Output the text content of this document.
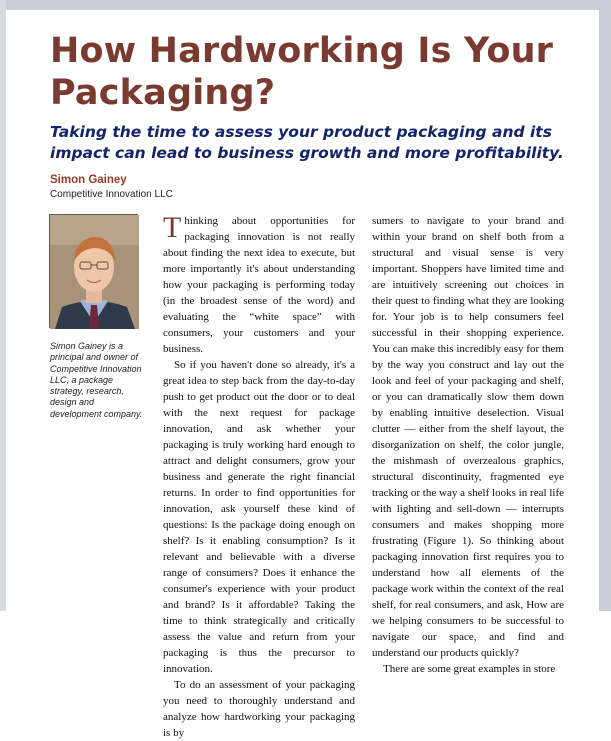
How Hardworking Is Your Packaging?
Taking the time to assess your product packaging and its impact can lead to business growth and more profitability.
Simon Gainey
Competitive Innovation LLC
Simon Gainey is a principal and owner of Competitive Innovation LLC, a package strategy, research, design and development company.

Thinking about opportunities for packaging innovation is not really about finding the next idea to execute, but more importantly it's about understanding how your packaging is performing today (in the broadest sense of the word) and evaluating the “white space” with consumers, your customers and your business.

So if you haven't done so already, it's a great idea to step back from the day-to-day push to get product out the door or to deal with the next request for package innovation, and ask whether your packaging is truly working hard enough to attract and delight consumers, grow your business and generate the right financial returns. In order to find opportunities for innovation, ask yourself these kind of questions: Is the package doing enough on shelf? Is it enabling consumption? Is it relevant and believable with a diverse range of consumers? Does it enhance the consumer's experience with your product and brand? Is it affordable? Taking the time to think strategically and critically assess the value and return from your packaging is thus the precursor to innovation.

To do an assessment of your packaging you need to thoroughly understand and analyze how hardworking your packaging is by

sumers to navigate to your brand and within your brand on shelf both from a structural and visual sense is very important. Shoppers have limited time and are intuitively screening out choices in their quest to finding what they are looking for. Your job is to help consumers feel successful in their shopping experience. You can make this incredibly easy for them by the way you construct and lay out the look and feel of your packaging and shelf, or you can dramatically slow them down by enabling intuitive deselection. Visual clutter — either from the shelf layout, the disorganization on shelf, the color jungle, the mishmash of overzealous graphics, structural discontinuity, fragmented eye tracking or the way a shelf looks in real life with lighting and sell-down — interrupts consumers and makes shopping more frustrating (Figure 1). So thinking about packaging innovation first requires you to understand how all elements of the package work within the context of the real shelf, for real consumers, and ask, How are we helping consumers to be successful to navigate our space, and find and understand our products quickly?

There are some great examples in store
